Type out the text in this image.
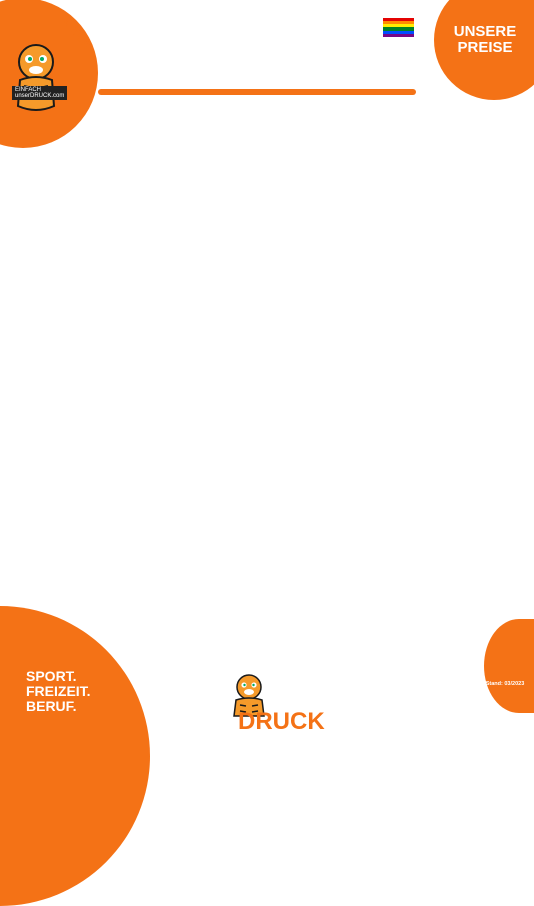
EINFACH
unserDRUCK.com
IDEEN	UNSERE PREISE
SPORT.
FREIZEIT.
BERUF.
Stand: 03/2023
DRUCK
